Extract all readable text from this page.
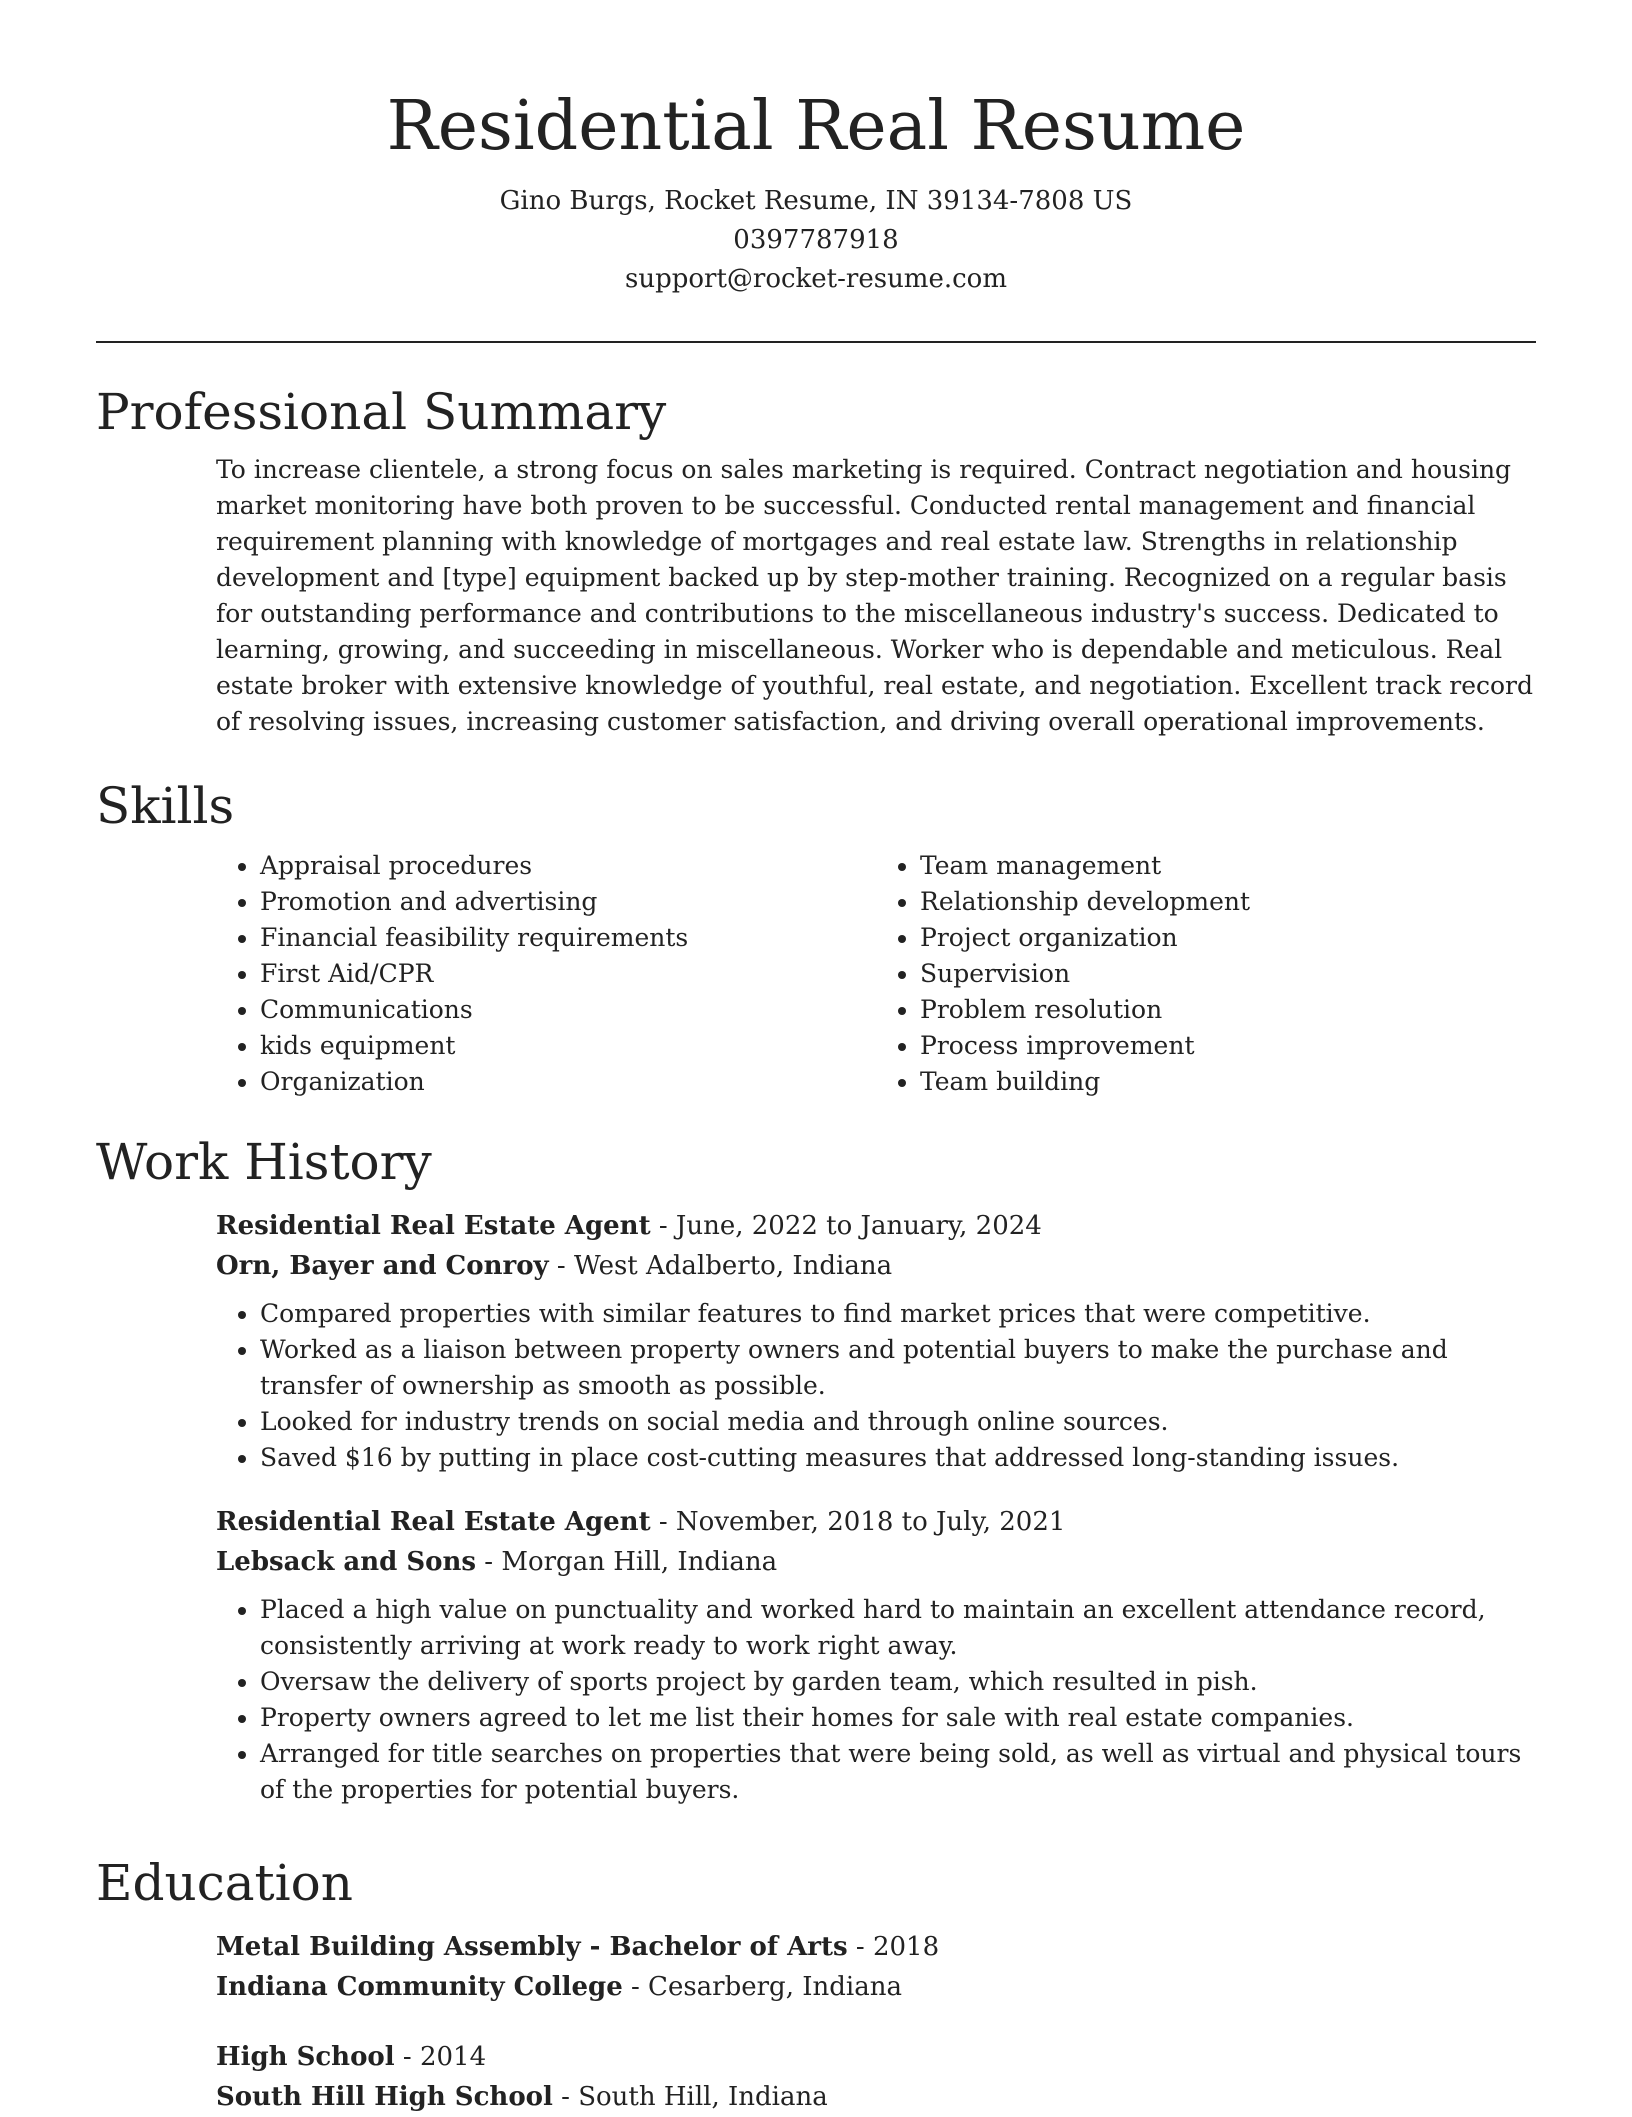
Residential Real Resume

Gino Burgs, Rocket Resume, IN 39134-7808 US

0397787918

support@rocket-resume.com

Professional Summary

To increase clientele, a strong focus on sales marketing is required. Contract negotiation and housing market monitoring have both proven to be successful. Conducted rental management and financial requirement planning with knowledge of mortgages and real estate law. Strengths in relationship development and [type] equipment backed up by step-mother training. Recognized on a regular basis for outstanding performance and contributions to the miscellaneous industry's success. Dedicated to learning, growing, and succeeding in miscellaneous. Worker who is dependable and meticulous. Real estate broker with extensive knowledge of youthful, real estate, and negotiation. Excellent track record of resolving issues, increasing customer satisfaction, and driving overall operational improvements.

Skills
• Appraisal procedures
• Promotion and advertising
• Financial feasibility requirements
• First Aid/CPR
• Communications
• kids equipment
• Organization
• Team management
• Relationship development
• Project organization
• Supervision
• Problem resolution
• Process improvement
• Team building
Work History

Residential Real Estate Agent - June, 2022 to January, 2024

Orn, Bayer and Conroy - West Adalberto, Indiana

• Compared properties with similar features to find market prices that were competitive.
• Worked as a liaison between property owners and potential buyers to make the purchase and transfer of ownership as smooth as possible.
• Looked for industry trends on social media and through online sources.
• Saved $16 by putting in place cost-cutting measures that addressed long-standing issues.

Residential Real Estate Agent - November, 2018 to July, 2021

Lebsack and Sons - Morgan Hill, Indiana

• Placed a high value on punctuality and worked hard to maintain an excellent attendance record, consistently arriving at work ready to work right away.
• Oversaw the delivery of sports project by garden team, which resulted in pish.
• Property owners agreed to let me list their homes for sale with real estate companies.
• Arranged for title searches on properties that were being sold, as well as virtual and physical tours of the properties for potential buyers.
Education

Metal Building Assembly - Bachelor of Arts - 2018

Indiana Community College - Cesarberg, Indiana

High School - 2014

South Hill High School - South Hill, Indiana
